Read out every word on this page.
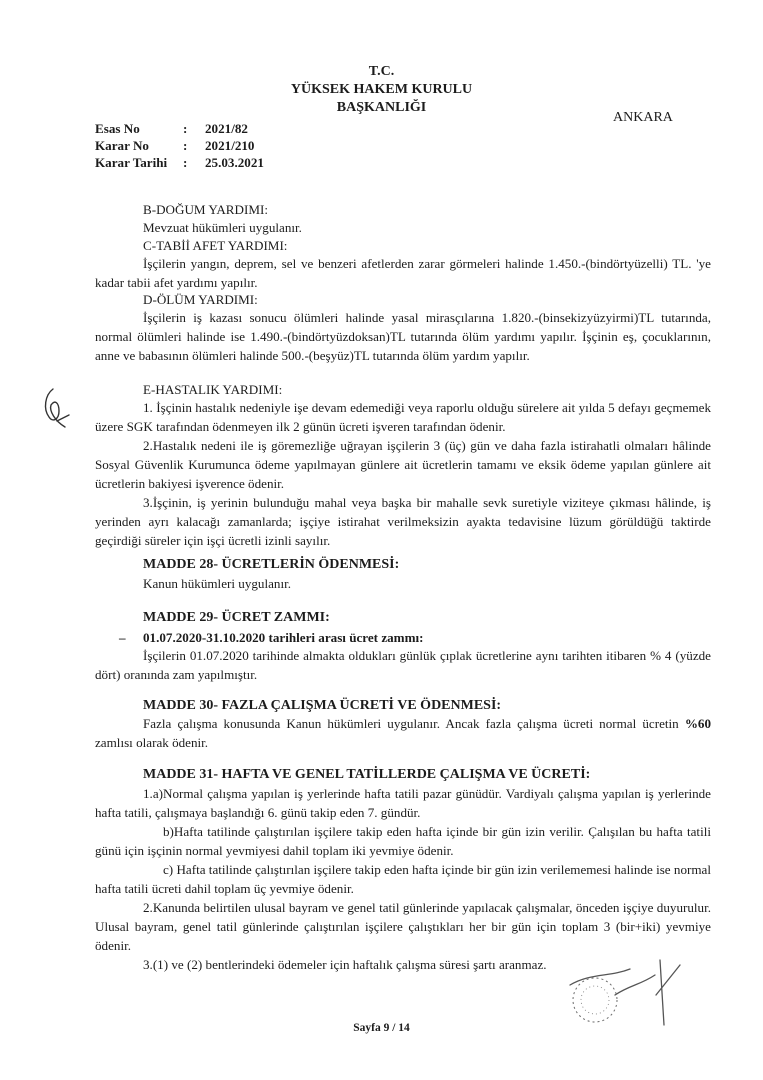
T.C.
YÜKSEK HAKEM KURULU
BAŞKANLIĞI
ANKARA
Esas No	: 2021/82
Karar No	: 2021/210
Karar Tarihi : 25.03.2021
B-DOĞUM YARDIMI:
Mevzuat hükümleri uygulanır.
C-TABİİ AFET YARDIMI:

İşçilerin yangın, deprem, sel ve benzeri afetlerden zarar görmeleri halinde 1.450.-(bindörtyüzelli) TL. 'ye kadar tabii afet yardımı yapılır.

D-ÖLÜM YARDIMI:

İşçilerin iş kazası sonucu ölümleri halinde yasal mirasçılarına 1.820.-(binsekizyüzyirmi)TL tutarında, normal ölümleri halinde ise 1.490.-(bindörtyüzdoksan)TL tutarında ölüm yardımı yapılır. İşçinin eş, çocuklarının, anne ve babasının ölümleri halinde 500.-(beşyüz)TL tutarında ölüm yardım yapılır.

E-HASTALIK YARDIMI:

1. İşçinin hastalık nedeniyle işe devam edemediği veya raporlu olduğu sürelere ait yılda 5 defayı geçmemek üzere SGK tarafından ödenmeyen ilk 2 günün ücreti işveren tarafından ödenir.

2.Hastalık nedeni ile iş göremezliğe uğrayan işçilerin 3 (üç) gün ve daha fazla istirahatli olmaları hâlinde Sosyal Güvenlik Kurumunca ödeme yapılmayan günlere ait ücretlerin tamamı ve eksik ödeme yapılan günlere ait ücretlerin bakiyesi işverence ödenir.

3.İşçinin, iş yerinin bulunduğu mahal veya başka bir mahalle sevk suretiyle viziteye çıkması hâlinde, iş yerinden ayrı kalacağı zamanlarda; işçiye istirahat verilmeksizin ayakta tedavisine lüzum görüldüğü taktirde geçirdiği süreler için işçi ücretli izinli sayılır.

MADDE 28- ÜCRETLERİN ÖDENMESİ:
Kanun hükümleri uygulanır.
MADDE 29- ÜCRET ZAMMI:
– 01.07.2020-31.10.2020 tarihleri arası ücret zammı:

İşçilerin 01.07.2020 tarihinde almakta oldukları günlük çıplak ücretlerine aynı tarihten itibaren % 4 (yüzde dört) oranında zam yapılmıştır.

MADDE 30- FAZLA ÇALIŞMA ÜCRETİ VE ÖDENMESİ:

Fazla çalışma konusunda Kanun hükümleri uygulanır. Ancak fazla çalışma ücreti normal ücretin %60 zamlısı olarak ödenir.

MADDE 31- HAFTA VE GENEL TATİLLERDE ÇALIŞMA VE ÜCRETİ:

1.a)Normal çalışma yapılan iş yerlerinde hafta tatili pazar günüdür. Vardiyalı çalışma yapılan iş yerlerinde hafta tatili, çalışmaya başlandığı 6. günü takip eden 7. gündür.

b)Hafta tatilinde çalıştırılan işçilere takip eden hafta içinde bir gün izin verilir. Çalışılan bu hafta tatili günü için işçinin normal yevmiyesi dahil toplam iki yevmiye ödenir.

c) Hafta tatilinde çalıştırılan işçilere takip eden hafta içinde bir gün izin verilememesi halinde ise normal hafta tatili ücreti dahil toplam üç yevmiye ödenir.

2.Kanunda belirtilen ulusal bayram ve genel tatil günlerinde yapılacak çalışmalar, önceden işçiye duyurulur. Ulusal bayram, genel tatil günlerinde çalıştırılan işçilere çalıştıkları her bir gün için toplam 3 (bir+iki) yevmiye ödenir.

3.(1) ve (2) bentlerindeki ödemeler için haftalık çalışma süresi şartı aranmaz.

Sayfa 9 / 14
